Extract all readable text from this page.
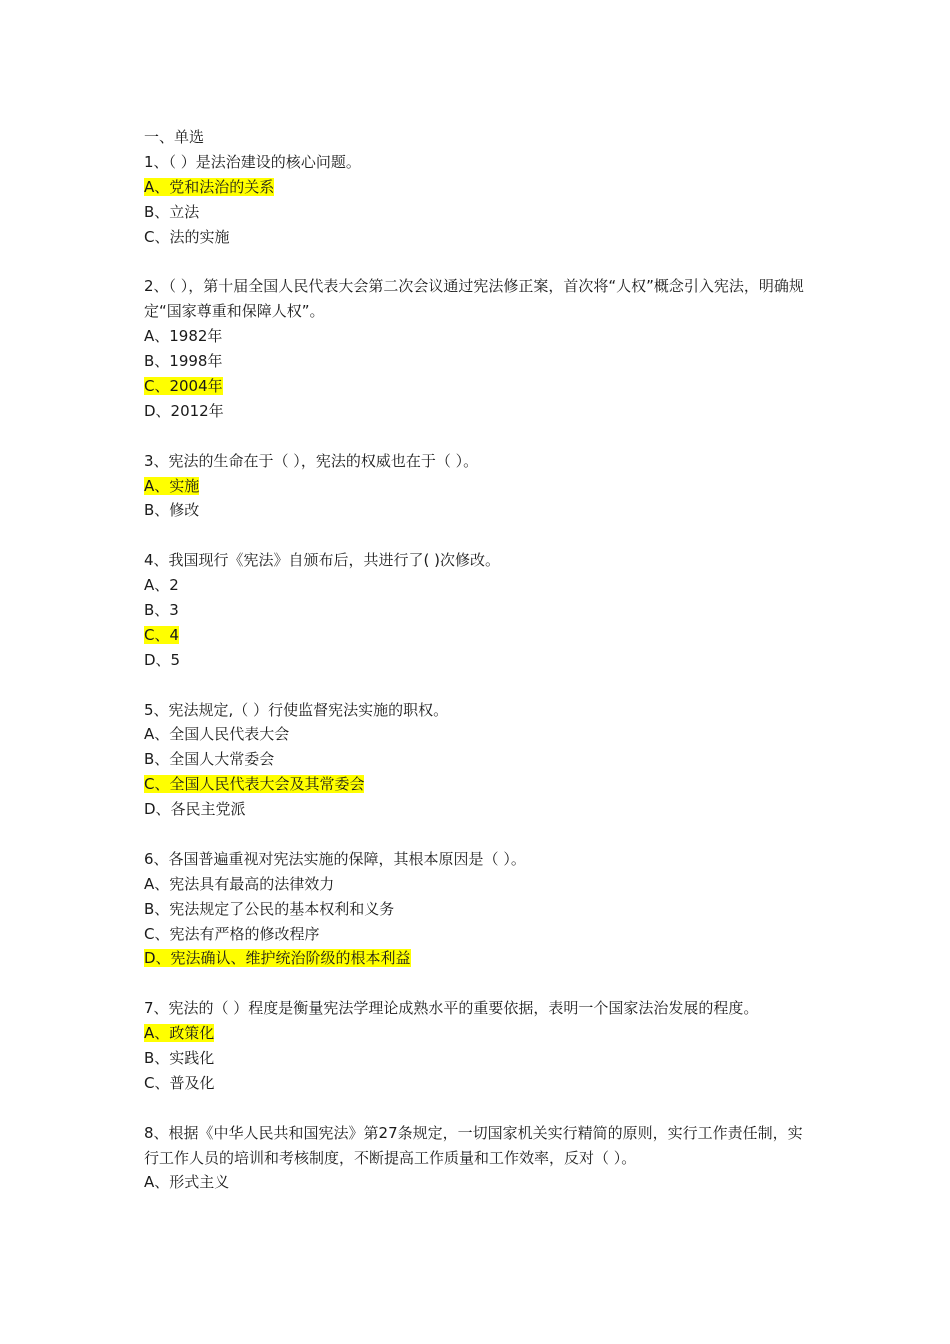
一、单选
1、（ ）是法治建设的核心问题。
A、党和法治的关系
B、立法
C、法的实施
2、（ ），第十届全国人民代表大会第二次会议通过宪法修正案，首次将“人权”概念引入宪法，明确规定“国家尊重和保障人权”。
A、1982年
B、1998年
C、2004年
D、2012年
3、宪法的生命在于（ ），宪法的权威也在于（ ）。
A、实施
B、修改
4、我国现行《宪法》自颁布后，共进行了( )次修改。
A、2
B、3
C、4
D、5
5、宪法规定,（ ）行使监督宪法实施的职权。
A、全国人民代表大会
B、全国人大常委会
C、全国人民代表大会及其常委会
D、各民主党派
6、各国普遍重视对宪法实施的保障，其根本原因是（ ）。
A、宪法具有最高的法律效力
B、宪法规定了公民的基本权利和义务
C、宪法有严格的修改程序
D、宪法确认、维护统治阶级的根本利益
7、宪法的（ ）程度是衡量宪法学理论成熟水平的重要依据，表明一个国家法治发展的程度。
A、政策化
B、实践化
C、普及化
8、根据《中华人民共和国宪法》第27条规定，一切国家机关实行精简的原则，实行工作责任制，实行工作人员的培训和考核制度，不断提高工作质量和工作效率，反对（ ）。
A、形式主义
